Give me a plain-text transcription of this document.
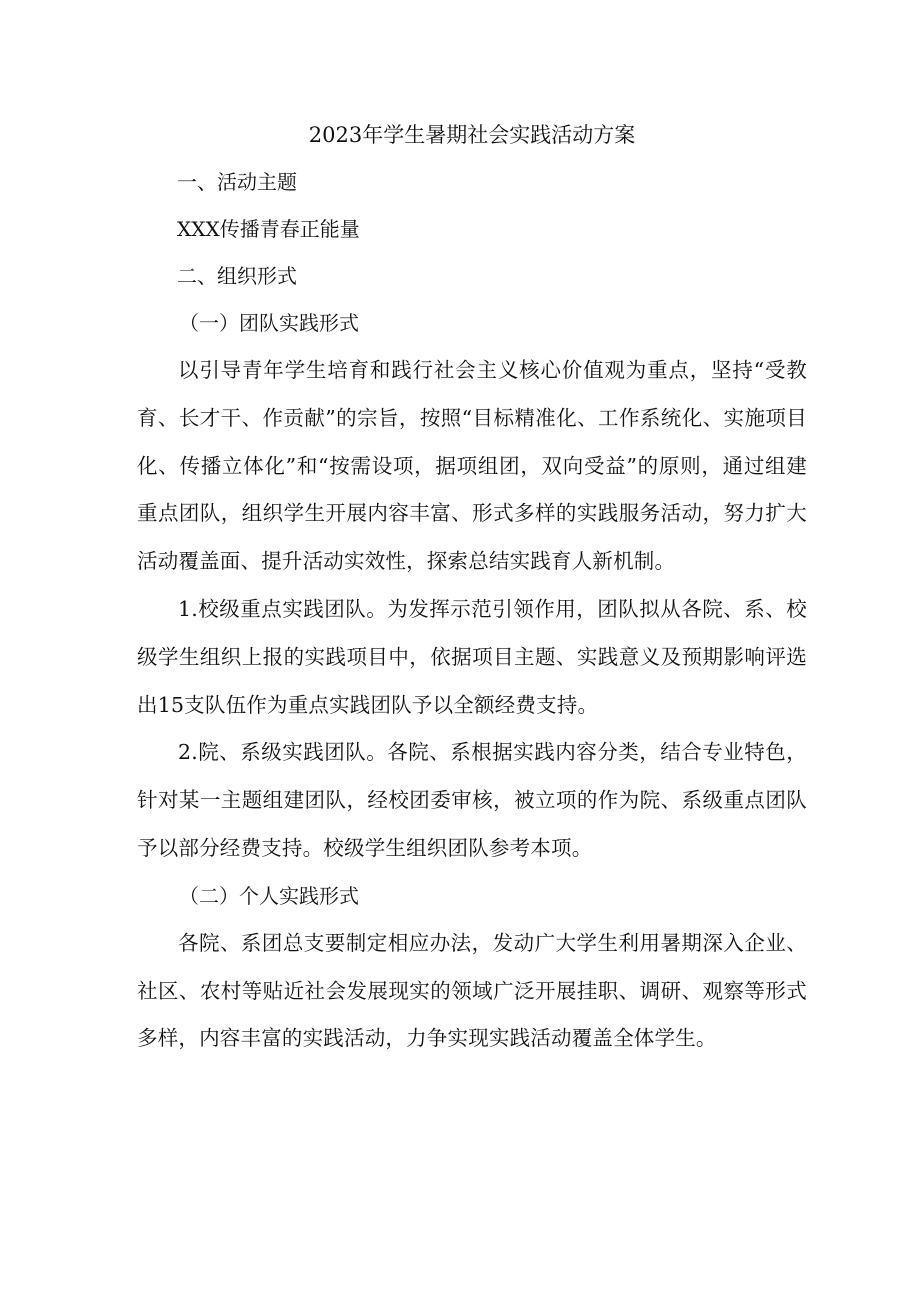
2023年学生暑期社会实践活动方案

一、活动主题

XXX传播青春正能量

二、组织形式

（一）团队实践形式

以引导青年学生培育和践行社会主义核心价值观为重点，坚持“受教育、长才干、作贡献”的宗旨，按照“目标精准化、工作系统化、实施项目化、传播立体化”和“按需设项，据项组团，双向受益”的原则，通过组建重点团队，组织学生开展内容丰富、形式多样的实践服务活动，努力扩大活动覆盖面、提升活动实效性，探索总结实践育人新机制。

1.校级重点实践团队。为发挥示范引领作用，团队拟从各院、系、校级学生组织上报的实践项目中，依据项目主题、实践意义及预期影响评选出15支队伍作为重点实践团队予以全额经费支持。

2.院、系级实践团队。各院、系根据实践内容分类，结合专业特色，针对某一主题组建团队，经校团委审核，被立项的作为院、系级重点团队予以部分经费支持。校级学生组织团队参考本项。

（二）个人实践形式

各院、系团总支要制定相应办法，发动广大学生利用暑期深入企业、社区、农村等贴近社会发展现实的领域广泛开展挂职、调研、观察等形式多样，内容丰富的实践活动，力争实现实践活动覆盖全体学生。
